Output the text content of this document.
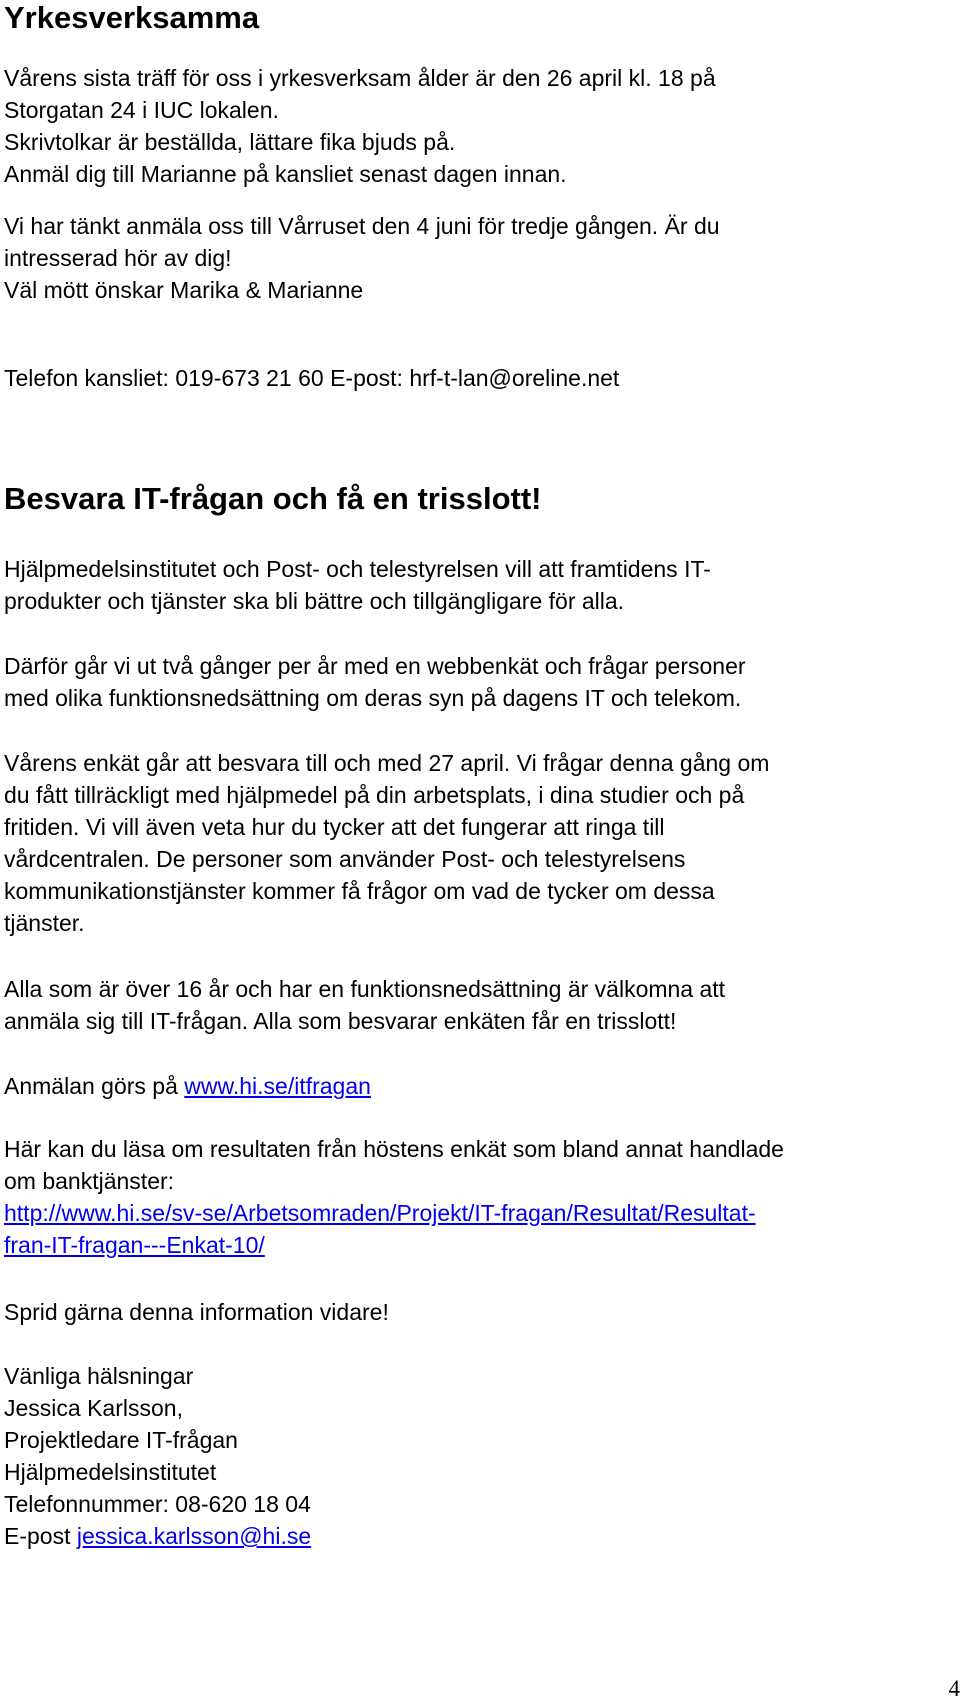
Yrkesverksamma

Vårens sista träff för oss i yrkesverksam ålder är den 26 april kl. 18 på
Storgatan 24 i IUC lokalen.
Skrivtolkar är beställda, lättare fika bjuds på.
Anmäl dig till Marianne på kansliet senast dagen innan.

Vi har tänkt anmäla oss till Vårruset den 4 juni för tredje gången. Är du
intresserad hör av dig!
Väl mött önskar Marika & Marianne

Telefon kansliet: 019-673 21 60 E-post: hrf-t-lan@oreline.net

Besvara IT-frågan och få en trisslott!

Hjälpmedelsinstitutet och Post- och telestyrelsen vill att framtidens IT-
produkter och tjänster ska bli bättre och tillgängligare för alla.

Därför går vi ut två gånger per år med en webbenkät och frågar personer
med olika funktionsnedsättning om deras syn på dagens IT och telekom.

Vårens enkät går att besvara till och med 27 april. Vi frågar denna gång om
du fått tillräckligt med hjälpmedel på din arbetsplats, i dina studier och på
fritiden. Vi vill även veta hur du tycker att det fungerar att ringa till
vårdcentralen. De personer som använder Post- och telestyrelsens
kommunikationstjänster kommer få frågor om vad de tycker om dessa
tjänster.

Alla som är över 16 år och har en funktionsnedsättning är välkomna att
anmäla sig till IT-frågan. Alla som besvarar enkäten får en trisslott!

Anmälan görs på www.hi.se/itfragan

Här kan du läsa om resultaten från höstens enkät som bland annat handlade
om banktjänster:
http://www.hi.se/sv-se/Arbetsomraden/Projekt/IT-fragan/Resultat/Resultat-
fran-IT-fragan---Enkat-10/

Sprid gärna denna information vidare!

Vänliga hälsningar
Jessica Karlsson,
Projektledare IT-frågan
Hjälpmedelsinstitutet
Telefonnummer: 08-620 18 04
E-post jessica.karlsson@hi.se

4
